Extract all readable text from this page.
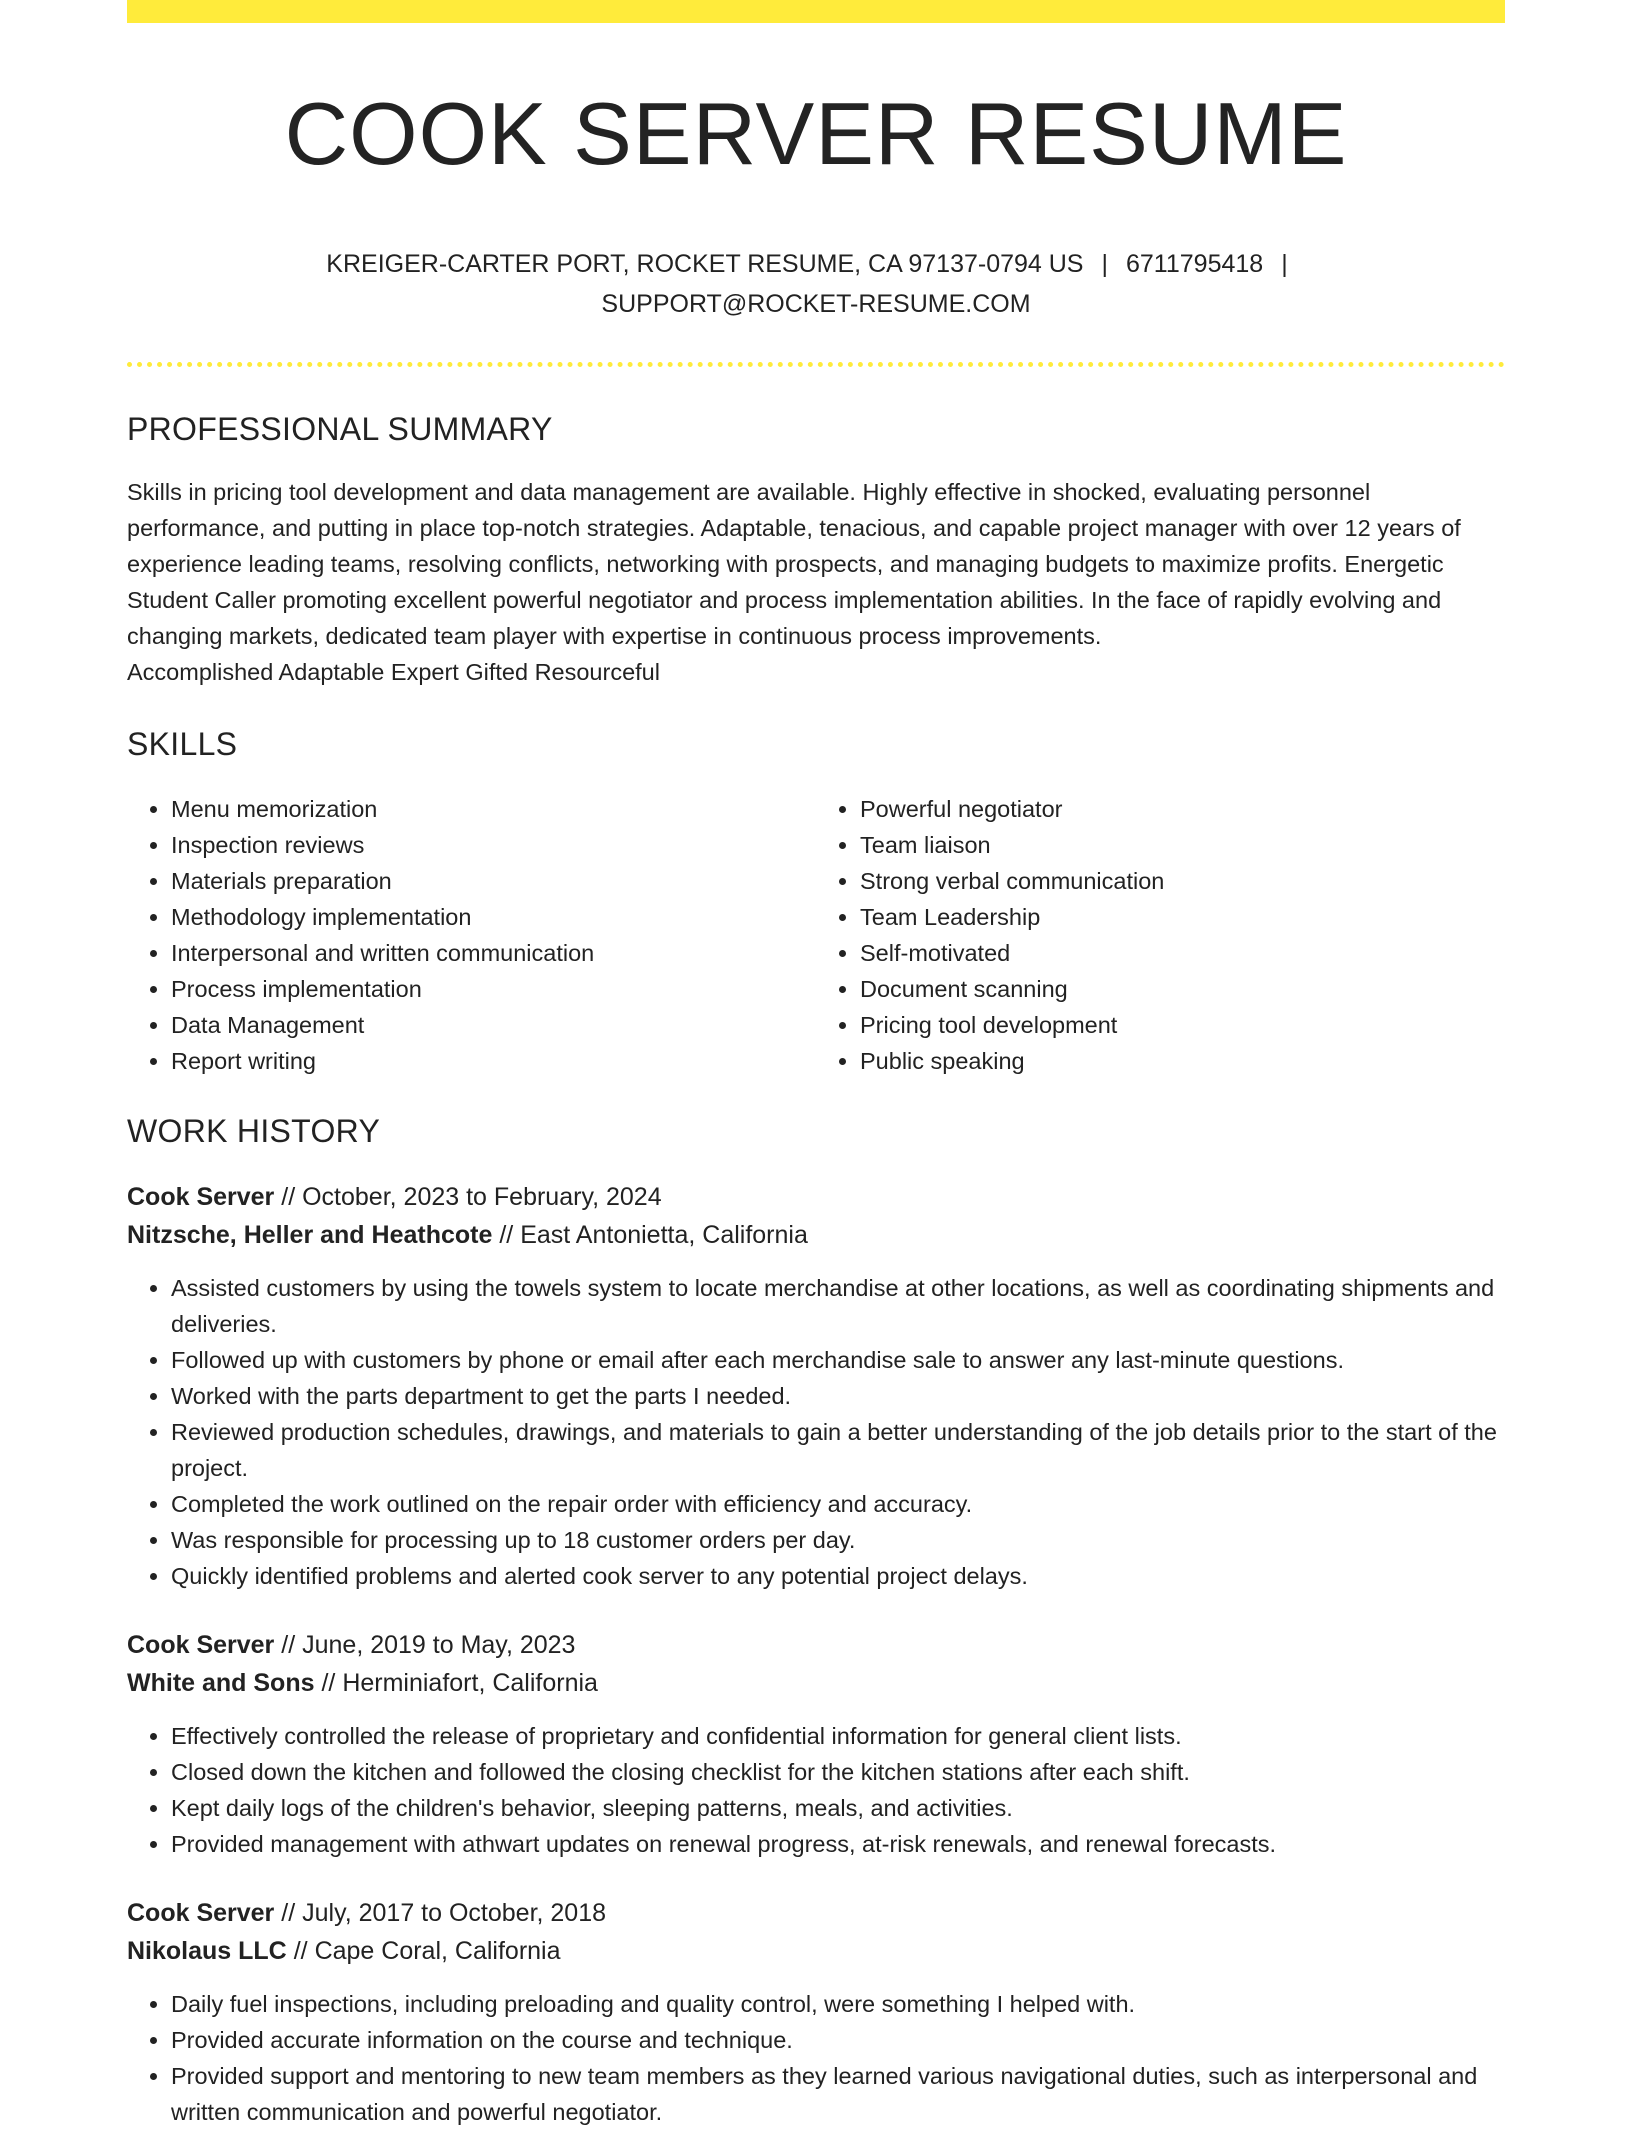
COOK SERVER RESUME
KREIGER-CARTER PORT, ROCKET RESUME, CA 97137-0794 US | 6711795418 |
SUPPORT@ROCKET-RESUME.COM
PROFESSIONAL SUMMARY
Skills in pricing tool development and data management are available. Highly effective in shocked, evaluating personnel performance, and putting in place top-notch strategies. Adaptable, tenacious, and capable project manager with over 12 years of experience leading teams, resolving conflicts, networking with prospects, and managing budgets to maximize profits. Energetic Student Caller promoting excellent powerful negotiator and process implementation abilities. In the face of rapidly evolving and changing markets, dedicated team player with expertise in continuous process improvements.
Accomplished Adaptable Expert Gifted Resourceful
SKILLS
• Menu memorization
• Inspection reviews
• Materials preparation
• Methodology implementation
• Interpersonal and written communication
• Process implementation
• Data Management
• Report writing
• Powerful negotiator
• Team liaison
• Strong verbal communication
• Team Leadership
• Self-motivated
• Document scanning
• Pricing tool development
• Public speaking
WORK HISTORY
Cook Server // October, 2023 to February, 2024
Nitzsche, Heller and Heathcote // East Antonietta, California
• Assisted customers by using the towels system to locate merchandise at other locations, as well as coordinating shipments and deliveries.
• Followed up with customers by phone or email after each merchandise sale to answer any last-minute questions.
• Worked with the parts department to get the parts I needed.
• Reviewed production schedules, drawings, and materials to gain a better understanding of the job details prior to the start of the project.
• Completed the work outlined on the repair order with efficiency and accuracy.
• Was responsible for processing up to 18 customer orders per day.
• Quickly identified problems and alerted cook server to any potential project delays.
Cook Server // June, 2019 to May, 2023
White and Sons // Herminiafort, California
• Effectively controlled the release of proprietary and confidential information for general client lists.
• Closed down the kitchen and followed the closing checklist for the kitchen stations after each shift.
• Kept daily logs of the children's behavior, sleeping patterns, meals, and activities.
• Provided management with athwart updates on renewal progress, at-risk renewals, and renewal forecasts.
Cook Server // July, 2017 to October, 2018
Nikolaus LLC // Cape Coral, California
• Daily fuel inspections, including preloading and quality control, were something I helped with.
• Provided accurate information on the course and technique.
• Provided support and mentoring to new team members as they learned various navigational duties, such as interpersonal and written communication and powerful negotiator.
